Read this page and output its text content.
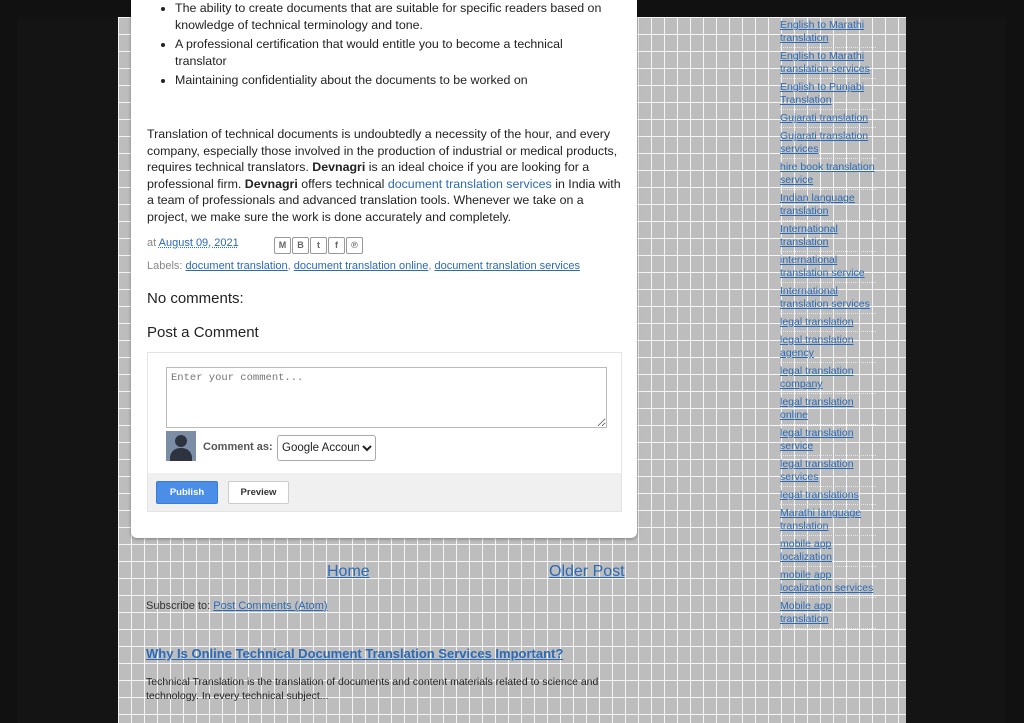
• The ability to create documents that are suitable for specific readers based on knowledge of technical terminology and tone.
• A professional certification that would entitle you to become a technical translator
• Maintaining confidentiality about the documents to be worked on
Translation of technical documents is undoubtedly a necessity of the hour, and every company, especially those involved in the production of industrial or medical products, requires technical translators. Devnagri is an ideal choice if you are looking for a professional firm. Devnagri offers technical document translation services in India with a team of professionals and advanced translation tools. Whenever we take on a project, we make sure the work is done accurately and completely.
at August 09, 2021	M	B	t	f	℗
Labels: document translation, document translation online, document translation services
No comments:
Post a Comment
Enter your comment...
Comment as:
Google Accoun
Publish	Preview
Home	Older Post
Subscribe to: Post Comments (Atom)
Why Is Online Technical Document Translation Services Important?
Technical Translation is the translation of documents and content materials related to science and technology. In every technical subject...
English to Marathi translation
English to Marathi translation services
English to Punjabi Translation
Gujarati translation
Gujarati translation services
hire book translation service
Indian language translation
International translation
international translation service
International translation services
legal translation
legal translation agency
legal translation company
legal translation online
legal translation service
legal translation services
legal translations
Marathi language translation
mobile app localization
mobile app localization services
Mobile app translation
